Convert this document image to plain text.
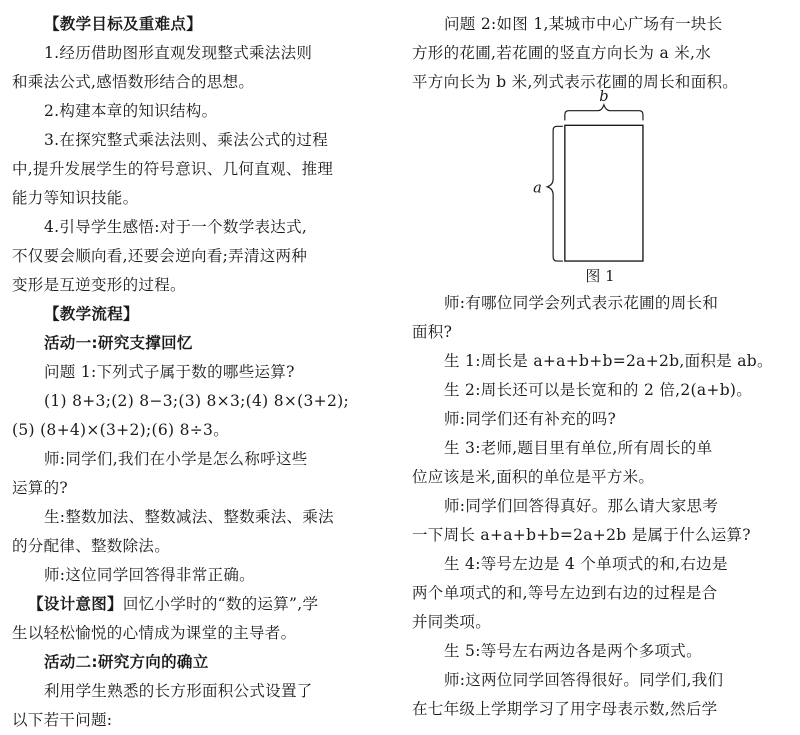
【教学目标及重难点】

1.经历借助图形直观发现整式乘法法则

和乘法公式,感悟数形结合的思想。

2.构建本章的知识结构。

3.在探究整式乘法法则、乘法公式的过程

中,提升发展学生的符号意识、几何直观、推理

能力等知识技能。

4.引导学生感悟:对于一个数学表达式,

不仅要会顺向看,还要会逆向看;弄清这两种

变形是互逆变形的过程。

【教学流程】

活动一:研究支撑回忆

问题 1:下列式子属于数的哪些运算?

(1) 8+3;(2) 8−3;(3) 8×3;(4) 8×(3+2);

(5) (8+4)×(3+2);(6) 8÷3。

师:同学们,我们在小学是怎么称呼这些

运算的?

生:整数加法、整数减法、整数乘法、乘法

的分配律、整数除法。

师:这位同学回答得非常正确。

【设计意图】回忆小学时的“数的运算”,学

生以轻松愉悦的心情成为课堂的主导者。

活动二:研究方向的确立

利用学生熟悉的长方形面积公式设置了

以下若干问题:

问题 2:如图 1,某城市中心广场有一块长

方形的花圃,若花圃的竖直方向长为 a 米,水

平方向长为 b 米,列式表示花圃的周长和面积。

b
a

图 1

师:有哪位同学会列式表示花圃的周长和

面积?

生 1:周长是 a+a+b+b=2a+2b,面积是 ab。

生 2:周长还可以是长宽和的 2 倍,2(a+b)。

师:同学们还有补充的吗?

生 3:老师,题目里有单位,所有周长的单

位应该是米,面积的单位是平方米。

师:同学们回答得真好。那么请大家思考

一下周长 a+a+b+b=2a+2b 是属于什么运算?

生 4:等号左边是 4 个单项式的和,右边是

两个单项式的和,等号左边到右边的过程是合

并同类项。

生 5:等号左右两边各是两个多项式。

师:这两位同学回答得很好。同学们,我们

在七年级上学期学习了用字母表示数,然后学
